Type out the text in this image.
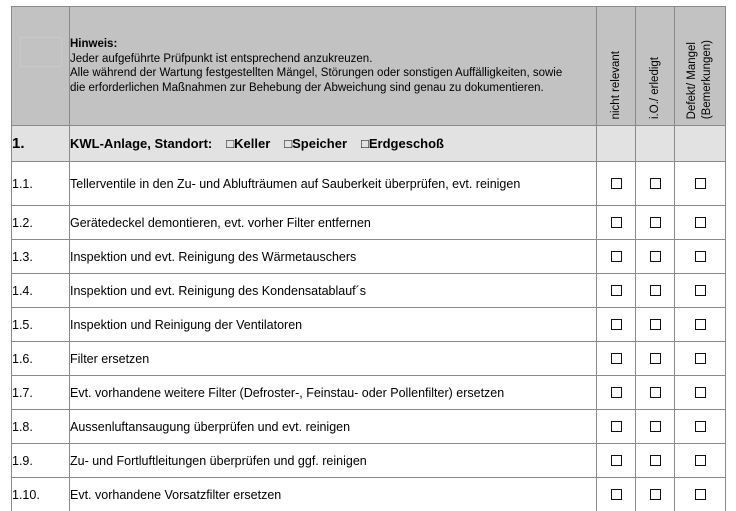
Hinweis:
Jeder aufgeführte Prüfpunkt ist entsprechend anzukreuzen.
Alle während der Wartung festgestellten Mängel, Störungen oder sonstigen Auffälligkeiten, sowie
die erforderlichen Maßnahmen zur Behebung der Abweichung sind genau zu dokumentieren.	nicht relevant	i.O./ erledigt	Defekt/ Mangel (Bemerkungen)

1.	KWL-Anlage, Standort: □Keller □Speicher □Erdgeschoß			
1.1.	Tellerventile in den Zu- und Ablufträumen auf Sauberkeit überprüfen, evt. reinigen			
1.2.	Gerätedeckel demontieren, evt. vorher Filter entfernen			
1.3.	Inspektion und evt. Reinigung des Wärmetauschers			
1.4.	Inspektion und evt. Reinigung des Kondensatablauf´s			
1.5.	Inspektion und Reinigung der Ventilatoren			
1.6.	Filter ersetzen			
1.7.	Evt. vorhandene weitere Filter (Defroster-, Feinstau- oder Pollenfilter) ersetzen			
1.8.	Aussenluftansaugung überprüfen und evt. reinigen			
1.9.	Zu- und Fortluftleitungen überprüfen und ggf. reinigen			
1.10.	Evt. vorhandene Vorsatzfilter ersetzen			
